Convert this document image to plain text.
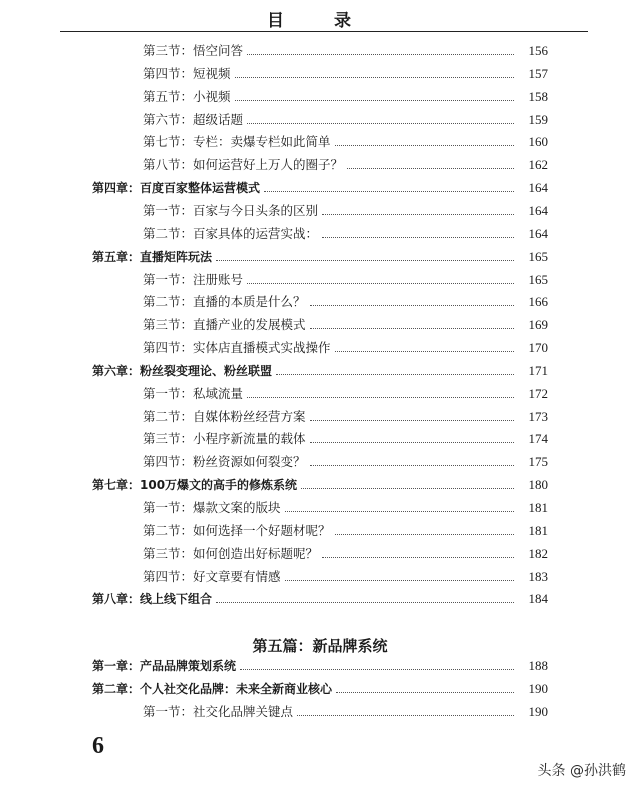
目 录
第三节：悟空问答	156
第四节：短视频	157
第五节：小视频	158
第六节：超级话题	159
第七节：专栏：卖爆专栏如此简单	160
第八节：如何运营好上万人的圈子？	162
第四章：百度百家整体运营模式	164
第一节：百家与今日头条的区别	164
第二节：百家具体的运营实战：	164
第五章：直播矩阵玩法	165
第一节：注册账号	165
第二节：直播的本质是什么？	166
第三节：直播产业的发展模式	169
第四节：实体店直播模式实战操作	170
第六章：粉丝裂变理论、粉丝联盟	171
第一节：私域流量	172
第二节：自媒体粉丝经营方案	173
第三节：小程序新流量的载体	174
第四节：粉丝资源如何裂变？	175
第七章：100万爆文的高手的修炼系统	180
第一节：爆款文案的版块	181
第二节：如何选择一个好题材呢？	181
第三节：如何创造出好标题呢？	182
第四节：好文章要有情感	183
第八章：线上线下组合	184
第五篇：新品牌系统
第一章：产品品牌策划系统	188
第二章：个人社交化品牌：未来全新商业核心	190
第一节：社交化品牌关键点	190
6
头条 @孙洪鹤
